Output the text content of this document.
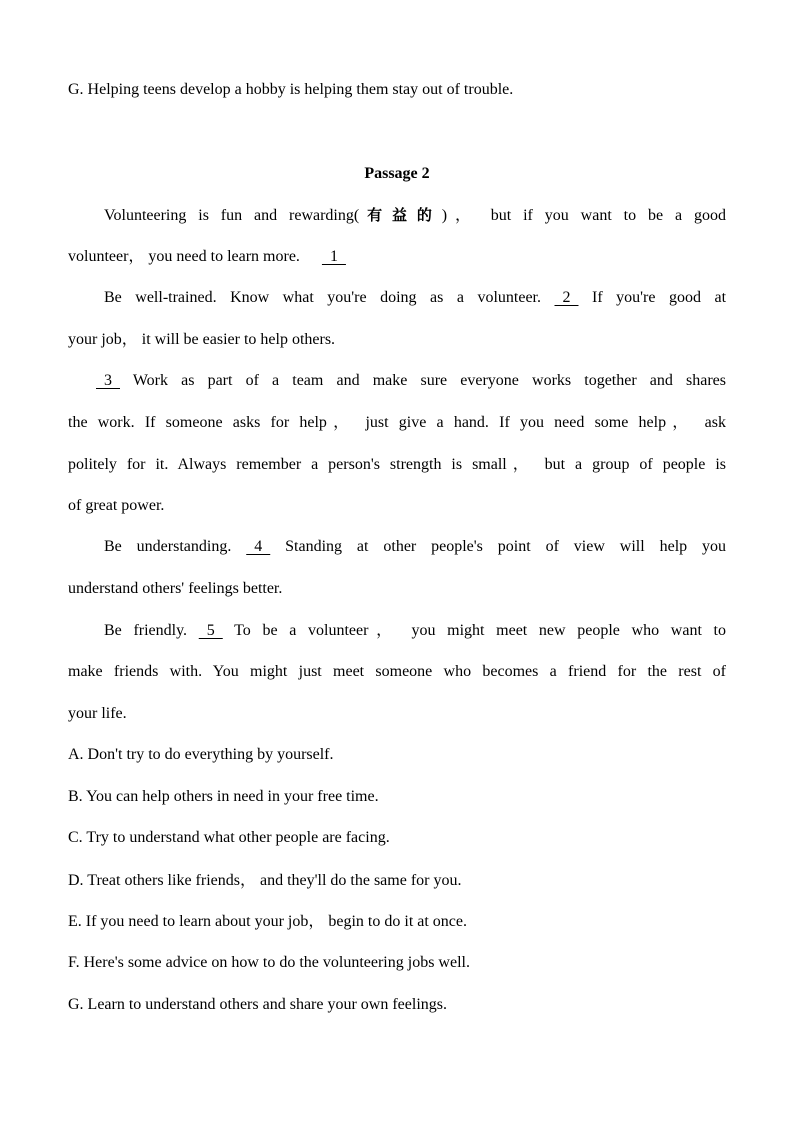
G. Helping teens develop a hobby is helping them stay out of trouble.
Passage 2
Volunteering is fun and rewarding(有益的)， but if you want to be a good
volunteer， you need to learn more.    1
Be well-trained. Know what you're doing as a volunteer.   2   If you're good at
your job， it will be easier to help others.
3   Work as part of a team and make sure everyone works together and shares
the work. If someone asks for help， just give a hand. If you need some help， ask
politely for it. Always remember a person's strength is small， but a group of people is
of great power.
Be understanding.   4   Standing at other people's point of view will help you
understand others' feelings better.
Be friendly.   5   To be a volunteer， you might meet new people who want to
make friends with. You might just meet someone who becomes a friend for the rest of
your life.
A. Don't try to do everything by yourself.
B. You can help others in need in your free time.
C. Try to understand what other people are facing.
D. Treat others like friends， and they'll do the same for you.
E. If you need to learn about your job， begin to do it at once.
F. Here's some advice on how to do the volunteering jobs well.
G. Learn to understand others and share your own feelings.
